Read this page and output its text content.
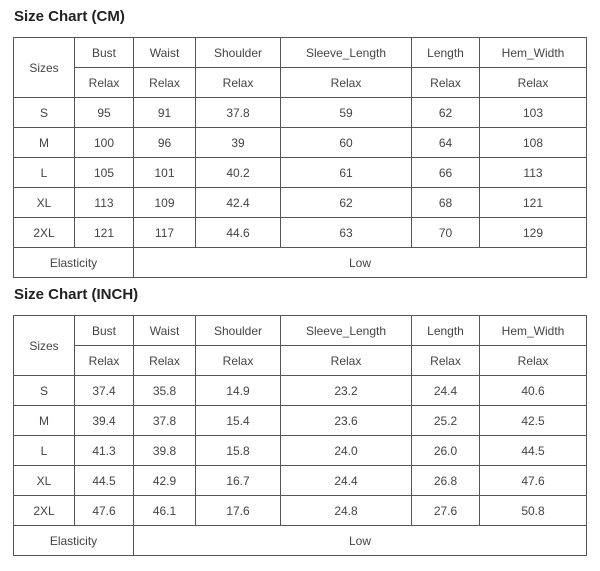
Size Chart (CM)
Sizes	Bust	Waist	Shoulder	Sleeve_Length	Length	Hem_Width
	Relax	Relax	Relax	Relax	Relax	Relax
S	95	91	37.8	59	62	103
M	100	96	39	60	64	108
L	105	101	40.2	61	66	113
XL	113	109	42.4	62	68	121
2XL	121	117	44.6	63	70	129
Elasticity		Low				
Size Chart (INCH)
Sizes	Bust	Waist	Shoulder	Sleeve_Length	Length	Hem_Width
	Relax	Relax	Relax	Relax	Relax	Relax
S	37.4	35.8	14.9	23.2	24.4	40.6
M	39.4	37.8	15.4	23.6	25.2	42.5
L	41.3	39.8	15.8	24.0	26.0	44.5
XL	44.5	42.9	16.7	24.4	26.8	47.6
2XL	47.6	46.1	17.6	24.8	27.6	50.8
Elasticity		Low				
